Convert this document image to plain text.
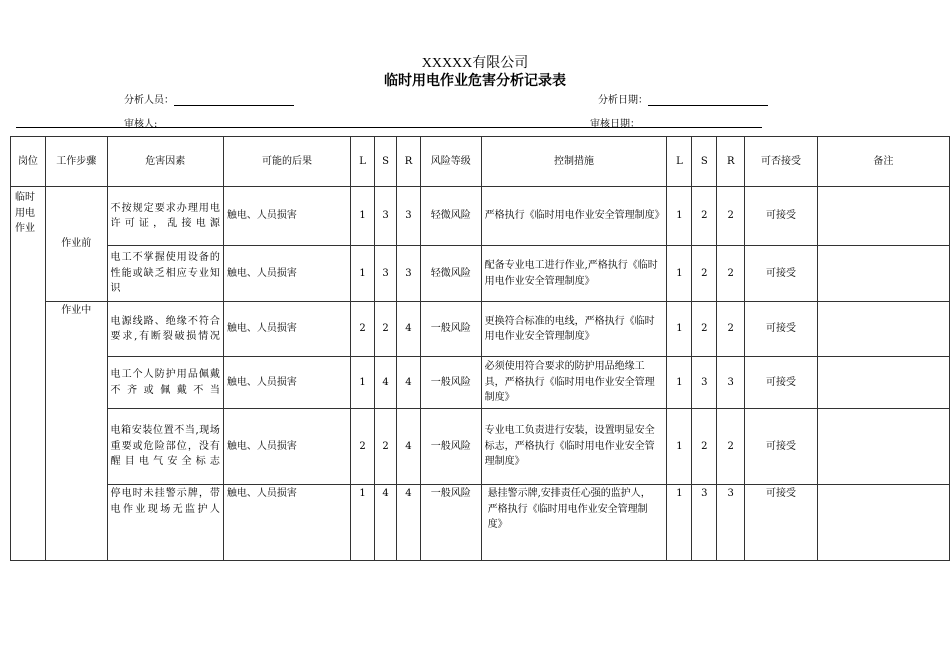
XXXXX有限公司
临时用电作业危害分析记录表
分析人员：	分析日期：
审核人:	审核日期：
岗位	工作步骤	危害因素	可能的后果	L	S	R	风险等级	控制措施	L	S	R	可否接受	备注
临时用电作业	作业前	不按规定要求办理用电许可证，乱接电源	触电、人员损害	1	3	3	轻微风险	严格执行《临时用电作业安全管理制度》	1	2	2	可接受	
		电工不掌握使用设备的性能或缺乏相应专业知识	触电、人员损害	1	3	3	轻微风险	配备专业电工进行作业,严格执行《临时用电作业安全管理制度》	1	2	2	可接受	
	作业中	电源线路、绝缘不符合要求,有断裂破损情况	触电、人员损害	2	2	4	一般风险	更换符合标准的电线，严格执行《临时用电作业安全管理制度》	1	2	2	可接受	
		电工个人防护用品佩戴不齐或佩戴不当	触电、人员损害	1	4	4	一般风险	必须使用符合要求的防护用品绝缘工具，严格执行《临时用电作业安全管理制度》	1	3	3	可接受	
		电箱安装位置不当,现场重要或危险部位，没有醒目电气安全标志	触电、人员损害	2	2	4	一般风险	专业电工负责进行安装，设置明显安全标志，严格执行《临时用电作业安全管理制度》	1	2	2	可接受	
		停电时未挂警示牌，带电作业现场无监护人	触电、人员损害	1	4	4	一般风险	悬挂警示牌,安排责任心强的监护人，严格执行《临时用电作业安全管理制度》	1	3	3	可接受	
